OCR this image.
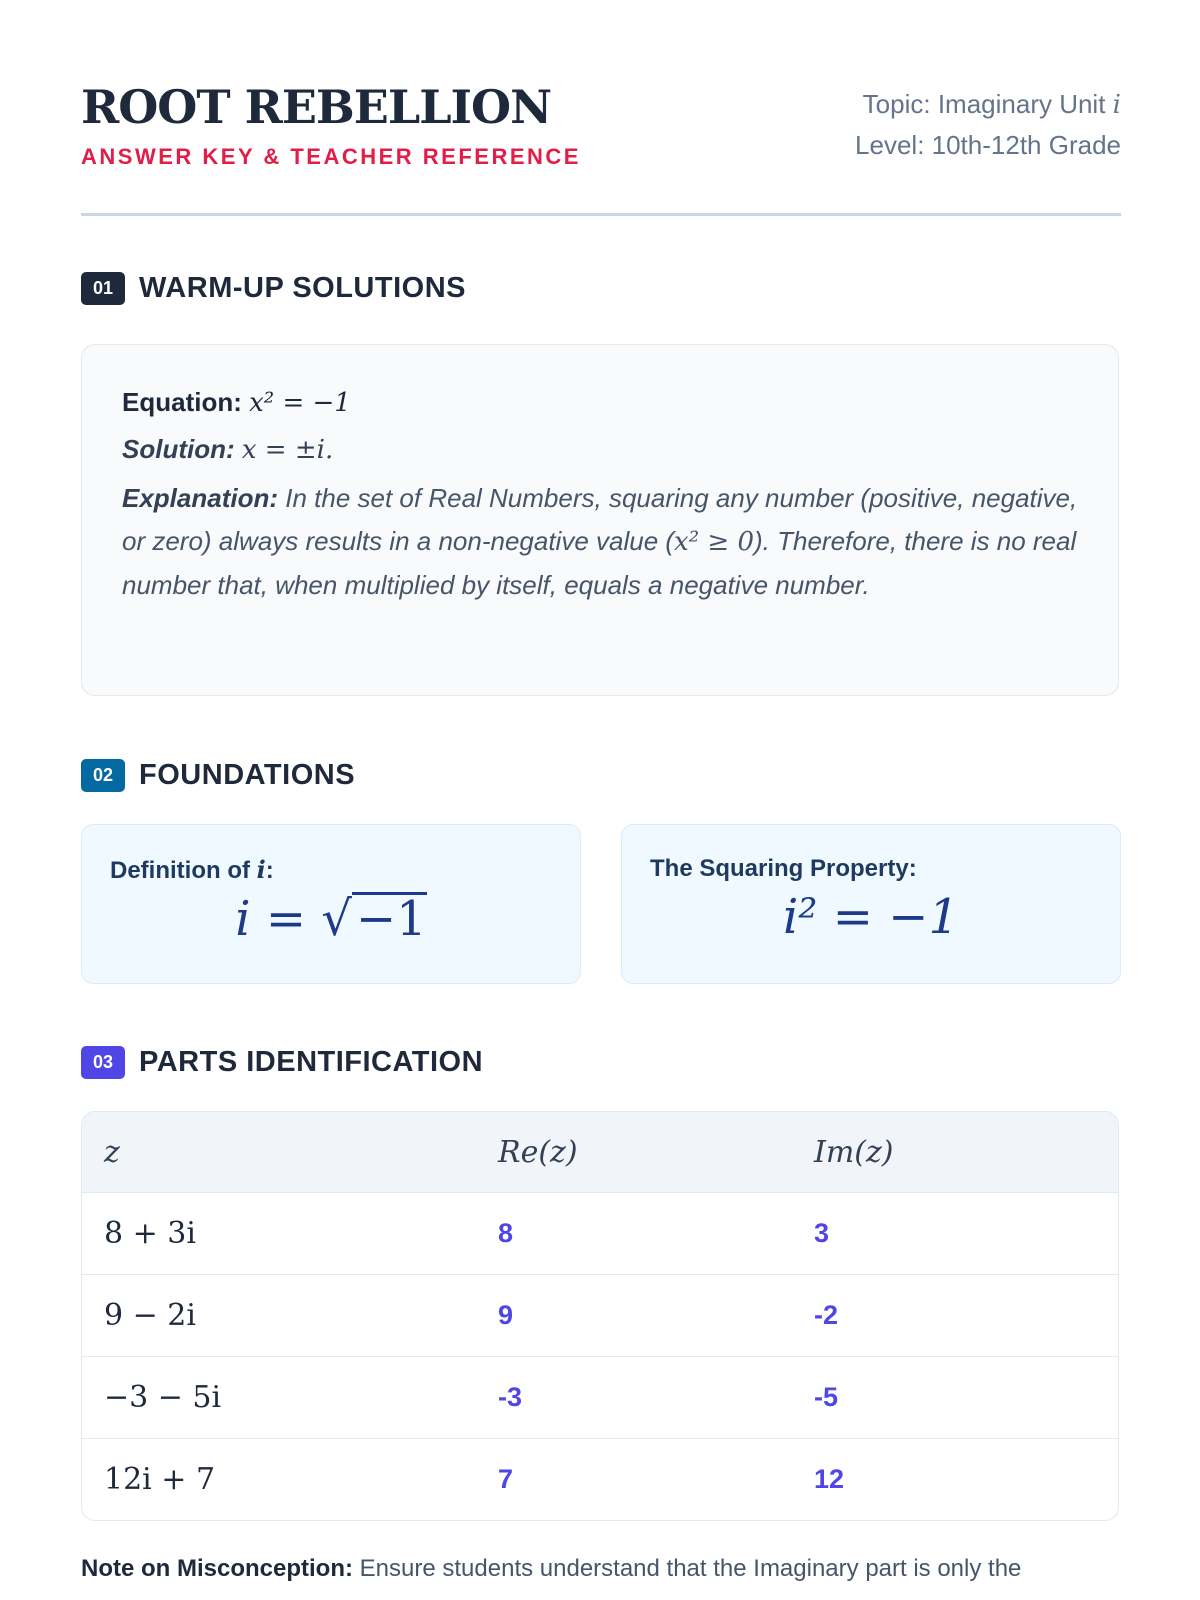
ROOT REBELLION
ANSWER KEY & TEACHER REFERENCE
Topic: Imaginary Unit i
Level: 10th-12th Grade
01 WARM-UP SOLUTIONS
Equation: x² = −1
Solution: x = ±i.
Explanation: In the set of Real Numbers, squaring any number (positive, negative, or zero) always results in a non-negative value (x² ≥ 0). Therefore, there is no real number that, when multiplied by itself, equals a negative number.
02 FOUNDATIONS
Definition of i:
i = √−1
The Squaring Property:
i² = −1
03 PARTS IDENTIFICATION
z	Re(z)	Im(z)
8 + 3i	8	3
9 − 2i	9	-2
−3 − 5i	-3	-5
12i + 7	7	12
Note on Misconception: Ensure students understand that the Imaginary part is only the
